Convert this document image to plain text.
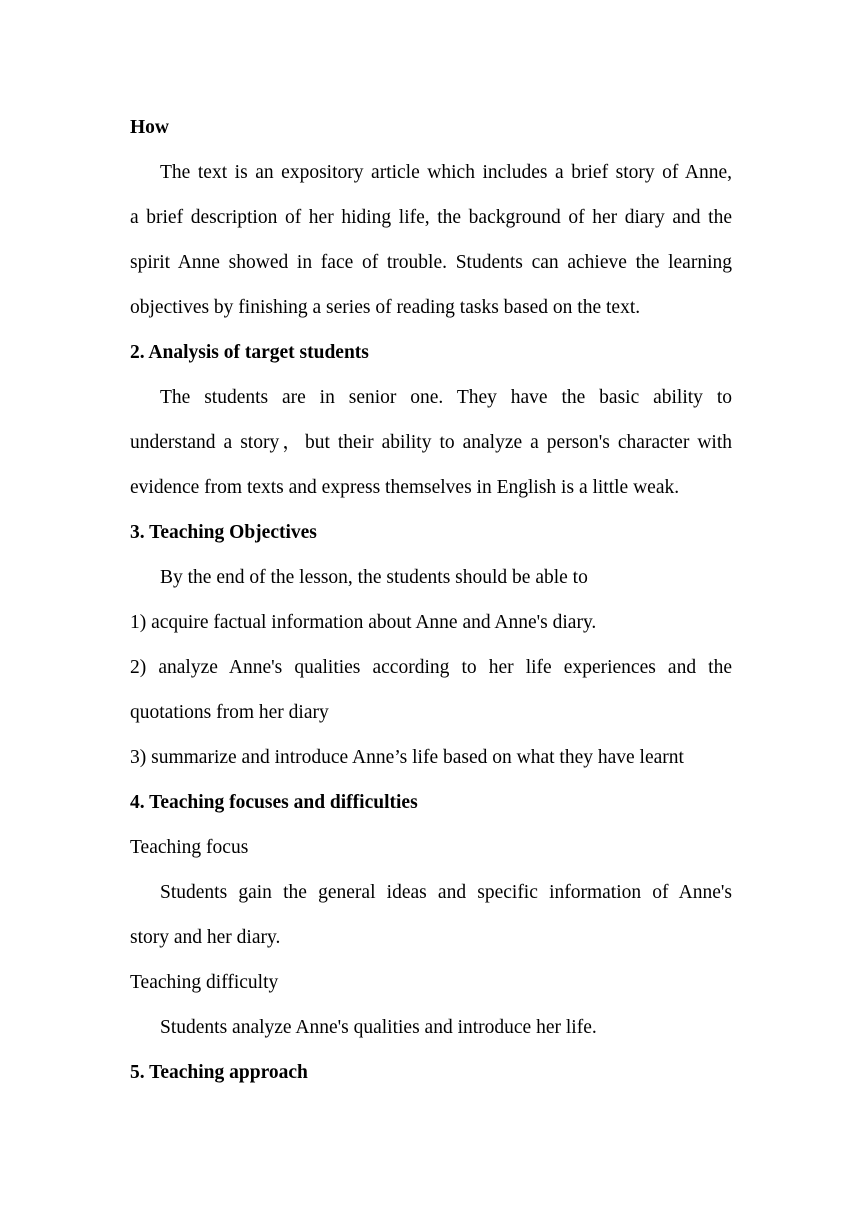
How
The text is an expository article which includes a brief story of Anne,
a brief description of her hiding life, the background of her diary and the
spirit Anne showed in face of trouble. Students can achieve the learning
objectives by finishing a series of reading tasks based on the text.
2. Analysis of target students
The students are in senior one. They have the basic ability to
understand a story，but their ability to analyze a person's character with
evidence from texts and express themselves in English is a little weak.
3. Teaching Objectives
By the end of the lesson, the students should be able to
1) acquire factual information about Anne and Anne's diary.
2) analyze Anne's qualities according to her life experiences and the
quotations from her diary
3) summarize and introduce Anne’s life based on what they have learnt
4. Teaching focuses and difficulties
Teaching focus
Students gain the general ideas and specific information of Anne's
story and her diary.
Teaching difficulty
Students analyze Anne's qualities and introduce her life.
5. Teaching approach
